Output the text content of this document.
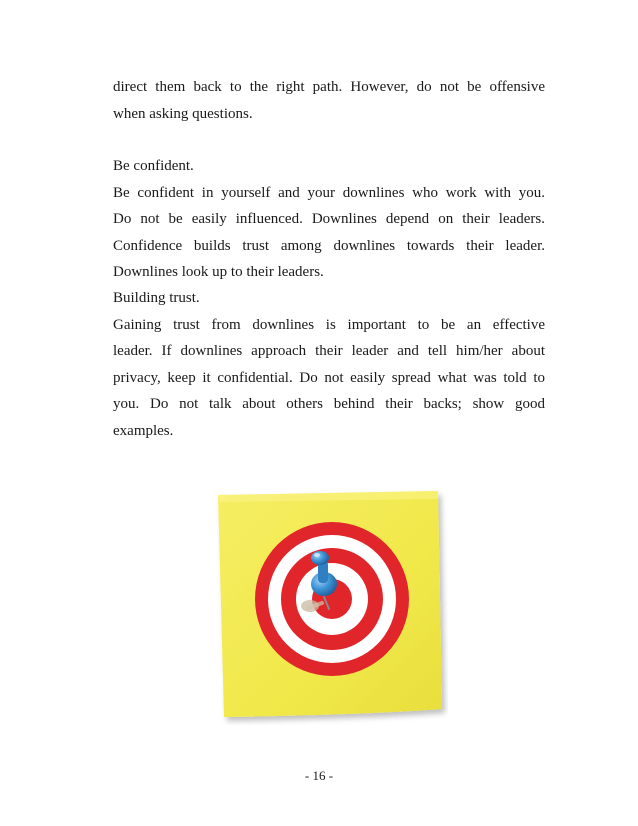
direct them back to the right path. However, do not be offensive
when asking questions.
Be confident.
Be confident in yourself and your downlines who work with you.
Do not be easily influenced. Downlines depend on their leaders.
Confidence builds trust among downlines towards their leader.
Downlines look up to their leaders.
Building trust.
Gaining trust from downlines is important to be an effective
leader. If downlines approach their leader and tell him/her about
privacy, keep it confidential. Do not easily spread what was told to
you. Do not talk about others behind their backs; show good
examples.
- 16 -
